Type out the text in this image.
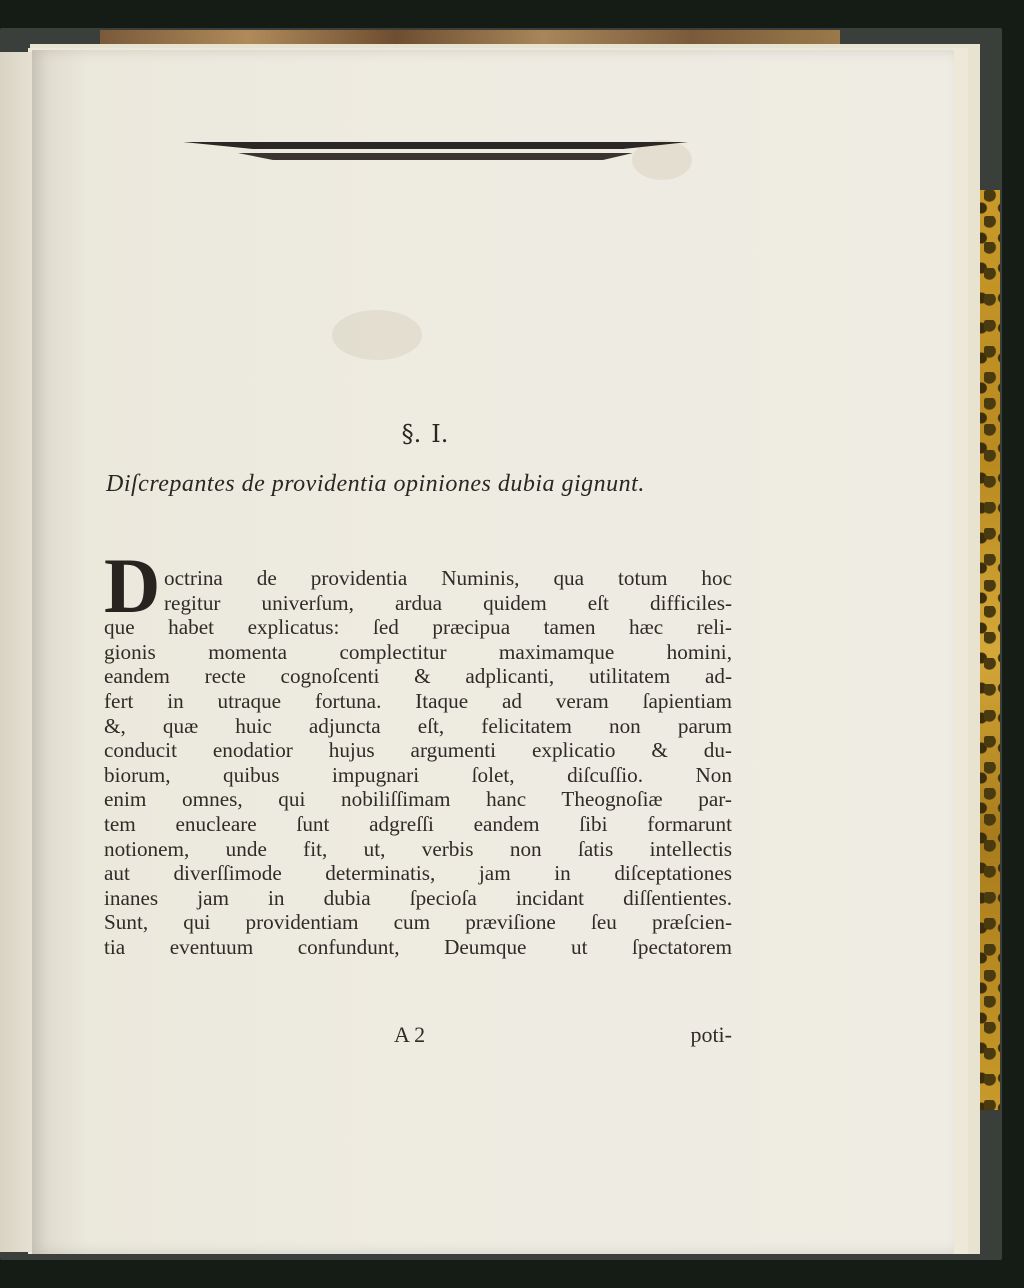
§. I.
Diſcrepantes de providentia opiniones dubia gignunt.
D octrina de providentia Numinis, qua totum hoc
regitur univerſum, ardua quidem eſt difficiles-
que habet explicatus: ſed præcipua tamen hæc reli-
gionis momenta complectitur maximamque homini,
eandem recte cognoſcenti & adplicanti, utilitatem ad-
fert in utraque fortuna. Itaque ad veram ſapientiam
&, quæ huic adjuncta eſt, felicitatem non parum
conducit enodatior hujus argumenti explicatio & du-
biorum, quibus impugnari ſolet, diſcuſſio. Non
enim omnes, qui nobiliſſimam hanc Theognoſiæ par-
tem enucleare ſunt adgreſſi eandem ſibi formarunt
notionem, unde fit, ut, verbis non ſatis intellectis
aut diverſſimode determinatis, jam in diſceptationes
inanes jam in dubia ſpecioſa incidant diſſentientes.
Sunt, qui providentiam cum præviſione ſeu præſcien-
tia eventuum confundunt, Deumque ut ſpectatorem
A 2	poti-
